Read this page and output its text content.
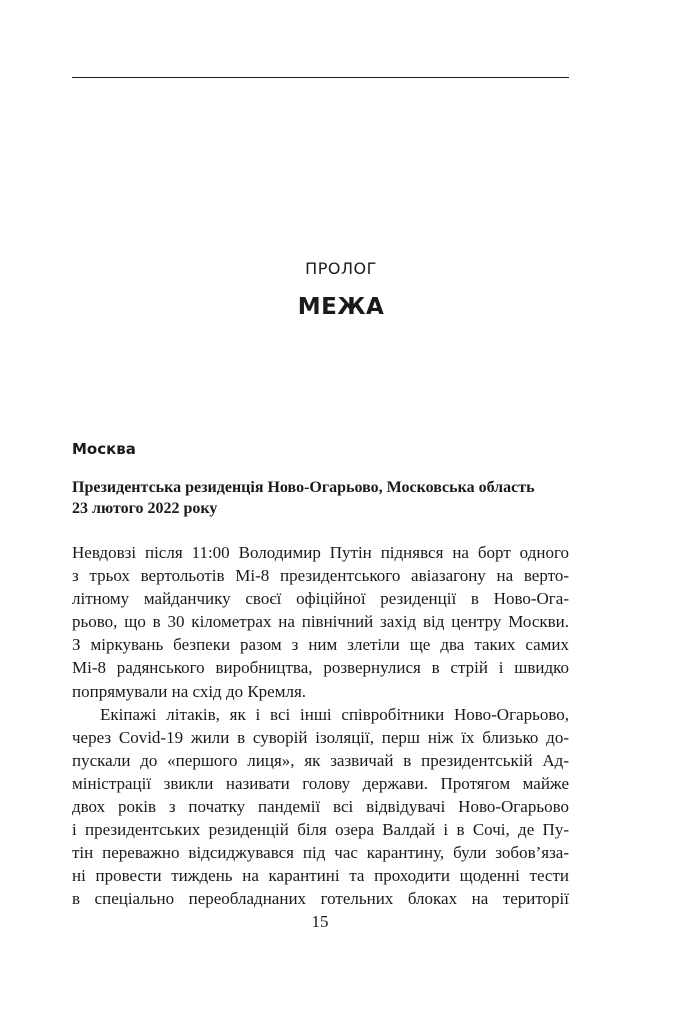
ПРОЛОГ
МЕЖА
Москва
Президентська резиденція Ново-Огарьово, Московська область
23 лютого 2022 року
Невдовзі після 11:00 Володимир Путін піднявся на борт одного
з трьох вертольотів Мі-8 президентського авіазагону на верто-
літному майданчику своєї офіційної резиденції в Ново-Ога-
рьово, що в 30 кілометрах на північний захід від центру Москви.
З міркувань безпеки разом з ним злетіли ще два таких самих
Мі-8 радянського виробництва, розвернулися в стрій і швидко
попрямували на схід до Кремля.
Екіпажі літаків, як і всі інші співробітники Ново-Огарьово,
через Covid-19 жили в суворій ізоляції, перш ніж їх близько до-
пускали до «першого лиця», як зазвичай в президентській Ад-
міністрації звикли називати голову держави. Протягом майже
двох років з початку пандемії всі відвідувачі Ново-Огарьово
і президентських резиденцій біля озера Валдай і в Сочі, де Пу-
тін переважно відсиджувався під час карантину, були зобов’яза-
ні провести тиждень на карантині та проходити щоденні тести
в спеціально переобладнаних готельних блоках на території
15
